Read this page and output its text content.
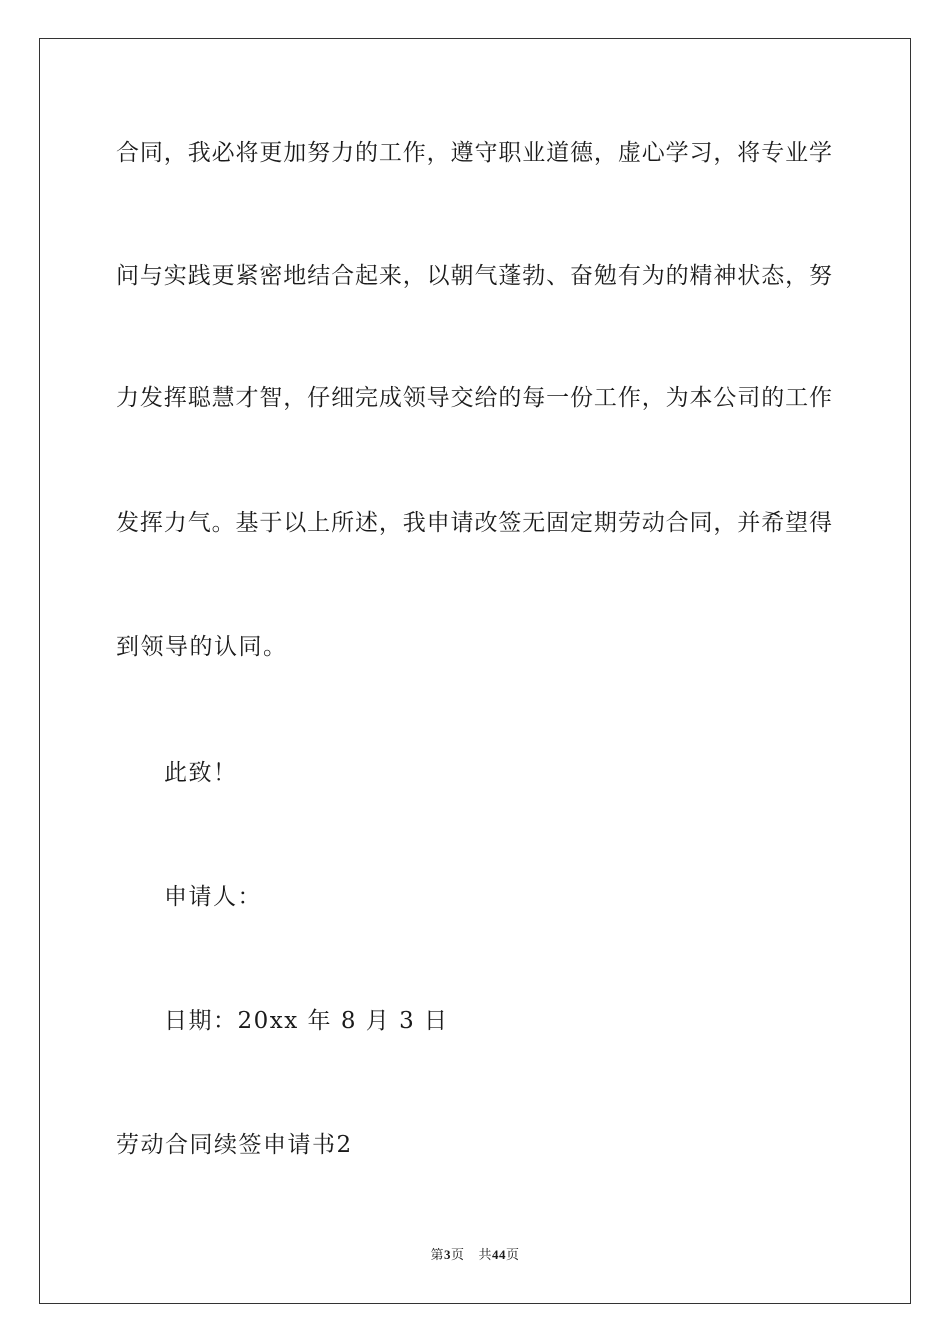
合同，我必将更加努力的工作，遵守职业道德，虚心学习，将专业学
问与实践更紧密地结合起来，以朝气蓬勃、奋勉有为的精神状态，努
力发挥聪慧才智，仔细完成领导交给的每一份工作，为本公司的工作
发挥力气。基于以上所述，我申请改签无固定期劳动合同，并希望得
到领导的认同。
此致！
申请人：
日期：20xx 年 8 月 3 日
劳动合同续签申请书2
第3页 共44页
